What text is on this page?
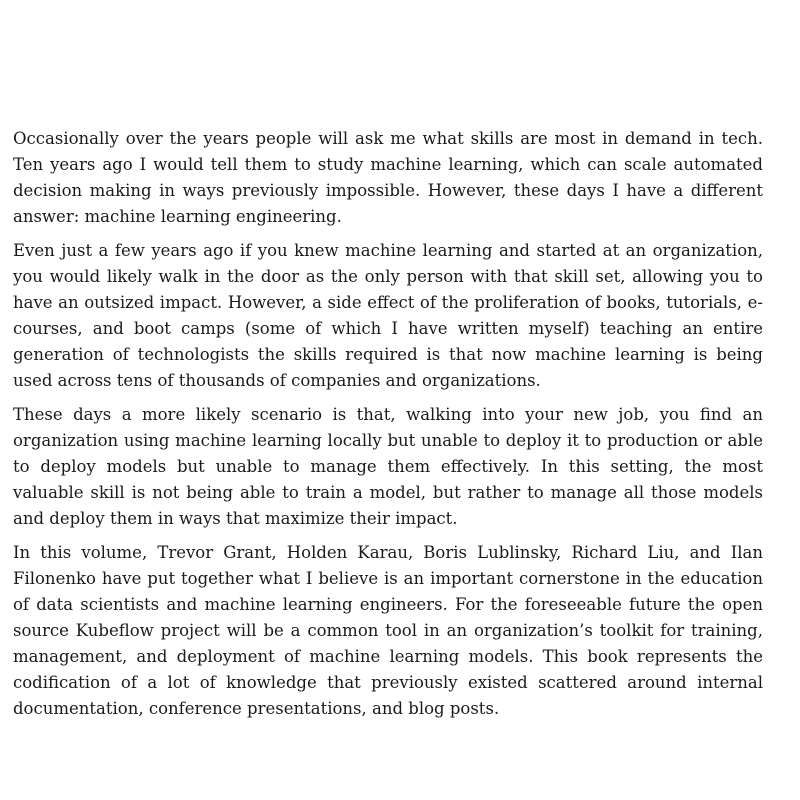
Occasionally over the years people will ask me what skills are most in demand in tech. Ten years ago I would tell them to study machine learning, which can scale automated decision making in ways previously impossible. However, these days I have a different answer: machine learning engineering.

Even just a few years ago if you knew machine learning and started at an organization, you would likely walk in the door as the only person with that skill set, allowing you to have an outsized impact. However, a side effect of the proliferation of books, tutorials, e-courses, and boot camps (some of which I have written myself) teaching an entire generation of technologists the skills required is that now machine learning is being used across tens of thousands of companies and organizations.

These days a more likely scenario is that, walking into your new job, you find an organization using machine learning locally but unable to deploy it to production or able to deploy models but unable to manage them effectively. In this setting, the most valuable skill is not being able to train a model, but rather to manage all those models and deploy them in ways that maximize their impact.

In this volume, Trevor Grant, Holden Karau, Boris Lublinsky, Richard Liu, and Ilan Filonenko have put together what I believe is an important cornerstone in the education of data scientists and machine learning engineers. For the foreseeable future the open source Kubeflow project will be a common tool in an organization’s toolkit for training, management, and deployment of machine learning models. This book represents the codification of a lot of knowledge that previously existed scattered around internal documentation, conference presentations, and blog posts.
